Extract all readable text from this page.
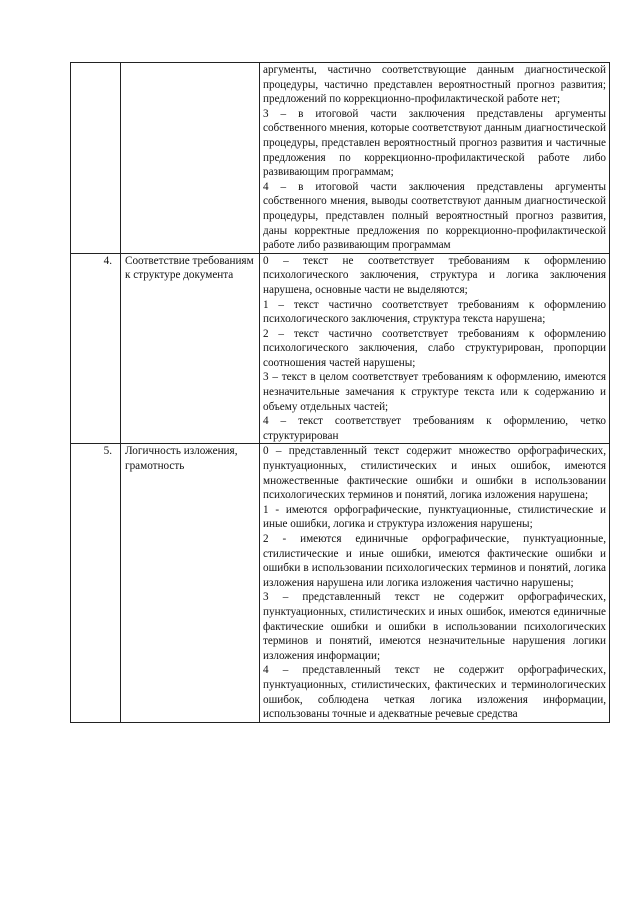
		аргументы, частично соответствующие данным диагностической процедуры, частично представлен вероятностный прогноз развития; предложений по коррекционно-профилактической работе нет;

3 – в итоговой части заключения представлены аргументы собственного мнения, которые соответствуют данным диагностической процедуры, представлен вероятностный прогноз развития и частичные предложения по коррекционно-профилактической работе либо развивающим программам;

4 – в итоговой части заключения представлены аргументы собственного мнения, выводы соответствуют данным диагностической процедуры, представлен полный вероятностный прогноз развития, даны корректные предложения по коррекционно-профилактической работе либо развивающим программам

4.	Соответствие требованиям к структуре документа	0 – текст не соответствует требованиям к оформлению психологического заключения, структура и логика заключения нарушена, основные части не выделяются;

1 – текст частично соответствует требованиям к оформлению психологического заключения, структура текста нарушена;

2 – текст частично соответствует требованиям к оформлению психологического заключения, слабо структурирован, пропорции соотношения частей нарушены;

3 – текст в целом соответствует требованиям к оформлению, имеются незначительные замечания к структуре текста или к содержанию и объему отдельных частей;

4 – текст соответствует требованиям к оформлению, четко структурирован

5.	Логичность изложения, грамотность	0 – представленный текст содержит множество орфографических, пунктуационных, стилистических и иных ошибок, имеются множественные фактические ошибки и ошибки в использовании психологических терминов и понятий, логика изложения нарушена;

1 - имеются орфографические, пунктуационные, стилистические и иные ошибки, логика и структура изложения нарушены;

2 - имеются единичные орфографические, пунктуационные, стилистические и иные ошибки, имеются фактические ошибки и ошибки в использовании психологических терминов и понятий, логика изложения нарушена или логика изложения частично нарушены;

3 – представленный текст не содержит орфографических, пунктуационных, стилистических и иных ошибок, имеются единичные фактические ошибки и ошибки в использовании психологических терминов и понятий, имеются незначительные нарушения логики изложения информации;

4 – представленный текст не содержит орфографических, пунктуационных, стилистических, фактических и терминологических ошибок, соблюдена четкая логика изложения информации, использованы точные и адекватные речевые средства
